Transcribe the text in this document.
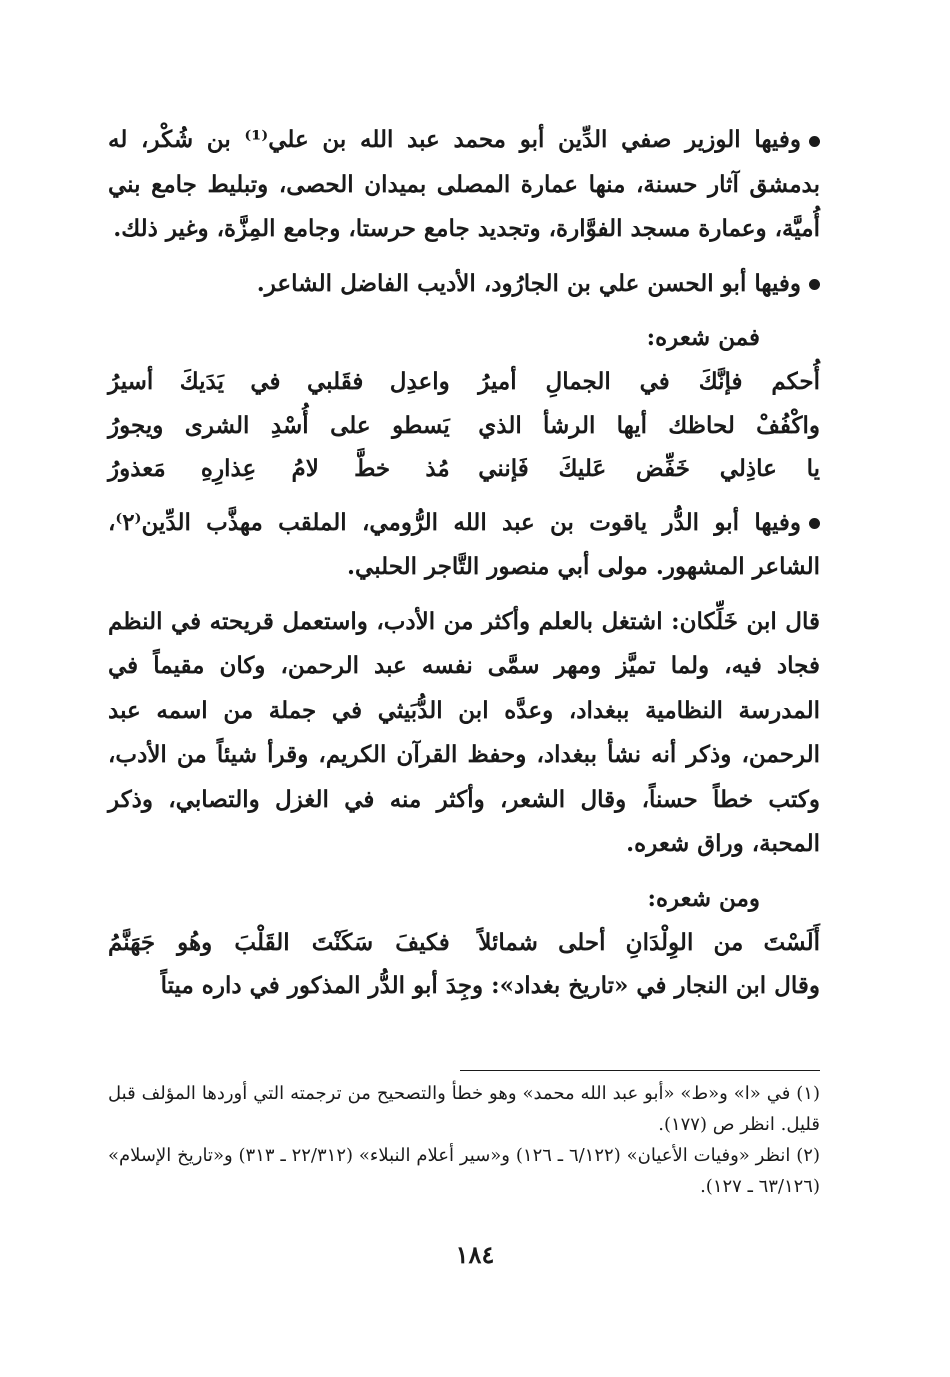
وفيها الوزير صفي الدِّين أبو محمد عبد الله بن علي⁽¹⁾ بن شُكْر، له بدمشق آثار حسنة، منها عمارة المصلى بميدان الحصى، وتبليط جامع بني أُميَّة، وعمارة مسجد الفوَّارة، وتجديد جامع حرستا، وجامع المِزَّة، وغير ذلك.

وفيها أبو الحسن علي بن الجارُود، الأديب الفاضل الشاعر.

فمن شعره:

أُحكم فإنَّكَ في الجمالِ أميرُ
واعدِل فقَلبي في يَدَيكَ أسيرُ
واكْفُفْ لحاظك أيها الرشأ الذي
يَسطو على أُسْدِ الشرى ويجورُ
يا عاذِلي خَفِّض عَليكَ فَإنني
مُذ خطَّ لامُ عِذارِهِ مَعذورُ

وفيها أبو الدُّر ياقوت بن عبد الله الرُّومي، الملقب مهذَّب الدِّين⁽٢⁾، الشاعر المشهور. مولى أبي منصور التَّاجر الحلبي.

قال ابن خَلِّكان: اشتغل بالعلم وأكثر من الأدب، واستعمل قريحته في النظم فجاد فيه، ولما تميَّز ومهر سمَّى نفسه عبد الرحمن، وكان مقيماً في المدرسة النظامية ببغداد، وعدَّه ابن الدُّبَيثي في جملة من اسمه عبد الرحمن، وذكر أنه نشأ ببغداد، وحفظ القرآن الكريم، وقرأ شيئاً من الأدب، وكتب خطاً حسناً، وقال الشعر، وأكثر منه في الغزل والتصابي، وذكر المحبة، وراق شعره.

ومن شعره:

أَلَسْتَ من الوِلْدَانِ أحلى شمائلاً
فكيفَ سَكَنْتَ القَلْبَ وهُو جَهَنَّمُ

وقال ابن النجار في «تاريخ بغداد»: وجِدَ أبو الدُّر المذكور في داره ميتاً

(١) في «ا» و«ط» «أبو عبد الله محمد» وهو خطأ والتصحيح من ترجمته التي أوردها المؤلف قبل قليل. انظر ص (١٧٧).

(٢) انظر «وفيات الأعيان» (٦/١٢٢ ـ ١٢٦) و«سير أعلام النبلاء» (٢٢/٣١٢ ـ ٣١٣) و«تاريخ الإسلام» (٦٣/١٢٦ ـ ١٢٧).

١٨٤
